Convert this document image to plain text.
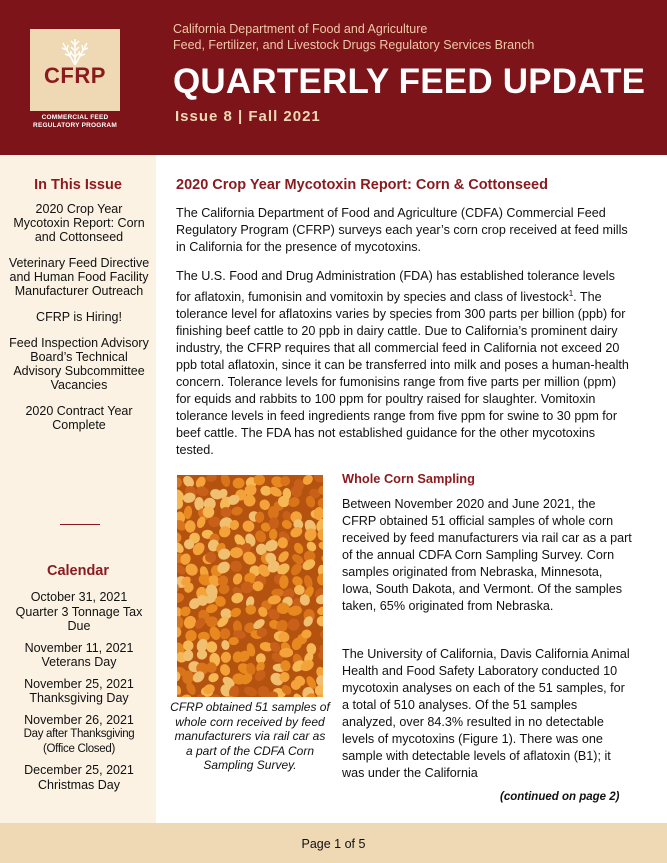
CFRP
COMMERCIAL FEED REGULATORY PROGRAM
California Department of Food and Agriculture
Feed, Fertilizer, and Livestock Drugs Regulatory Services Branch
QUARTERLY FEED UPDATE
Issue 8 | Fall 2021
In This Issue
2020 Crop Year Mycotoxin Report: Corn and Cottonseed
Veterinary Feed Directive and Human Food Facility Manufacturer Outreach
CFRP is Hiring!
Feed Inspection Advisory Board’s Technical Advisory Subcommittee Vacancies
2020 Contract Year Complete
Calendar
October 31, 2021
Quarter 3 Tonnage Tax Due
November 11, 2021
Veterans Day
November 25, 2021
Thanksgiving Day
November 26, 2021
Day after Thanksgiving (Office Closed)
December 25, 2021
Christmas Day
2020 Crop Year Mycotoxin Report: Corn & Cottonseed

The California Department of Food and Agriculture (CDFA) Commercial Feed Regulatory Program (CFRP) surveys each year’s corn crop received at feed mills in California for the presence of mycotoxins.

The U.S. Food and Drug Administration (FDA) has established tolerance levels for aflatoxin, fumonisin and vomitoxin by species and class of livestock$^1$. The tolerance level for aflatoxins varies by species from 300 parts per billion (ppb) for finishing beef cattle to 20 ppb in dairy cattle. Due to California’s prominent dairy industry, the CFRP requires that all commercial feed in California not exceed 20 ppb total aflatoxin, since it can be transferred into milk and poses a human-health concern. Tolerance levels for fumonisins range from five parts per million (ppm) for equids and rabbits to 100 ppm for poultry raised for slaughter. Vomitoxin tolerance levels in feed ingredients range from five ppm for swine to 30 ppm for beef cattle. The FDA has not established guidance for the other mycotoxins tested.

CFRP obtained 51 samples of whole corn received by feed manufacturers via rail car as a part of the CDFA Corn Sampling Survey.
Whole Corn Sampling

Between November 2020 and June 2021, the CFRP obtained 51 official samples of whole corn received by feed manufacturers via rail car as a part of the annual CDFA Corn Sampling Survey. Corn samples originated from Nebraska, Minnesota, Iowa, South Dakota, and Vermont. Of the samples taken, 65% originated from Nebraska.

The University of California, Davis California Animal Health and Food Safety Laboratory conducted 10 mycotoxin analyses on each of the 51 samples, for a total of 510 analyses. Of the 51 samples analyzed, over 84.3% resulted in no detectable levels of mycotoxins (Figure 1). There was one sample with detectable levels of aflatoxin (B1); it was under the California

(continued on page 2)
Page 1 of 5
